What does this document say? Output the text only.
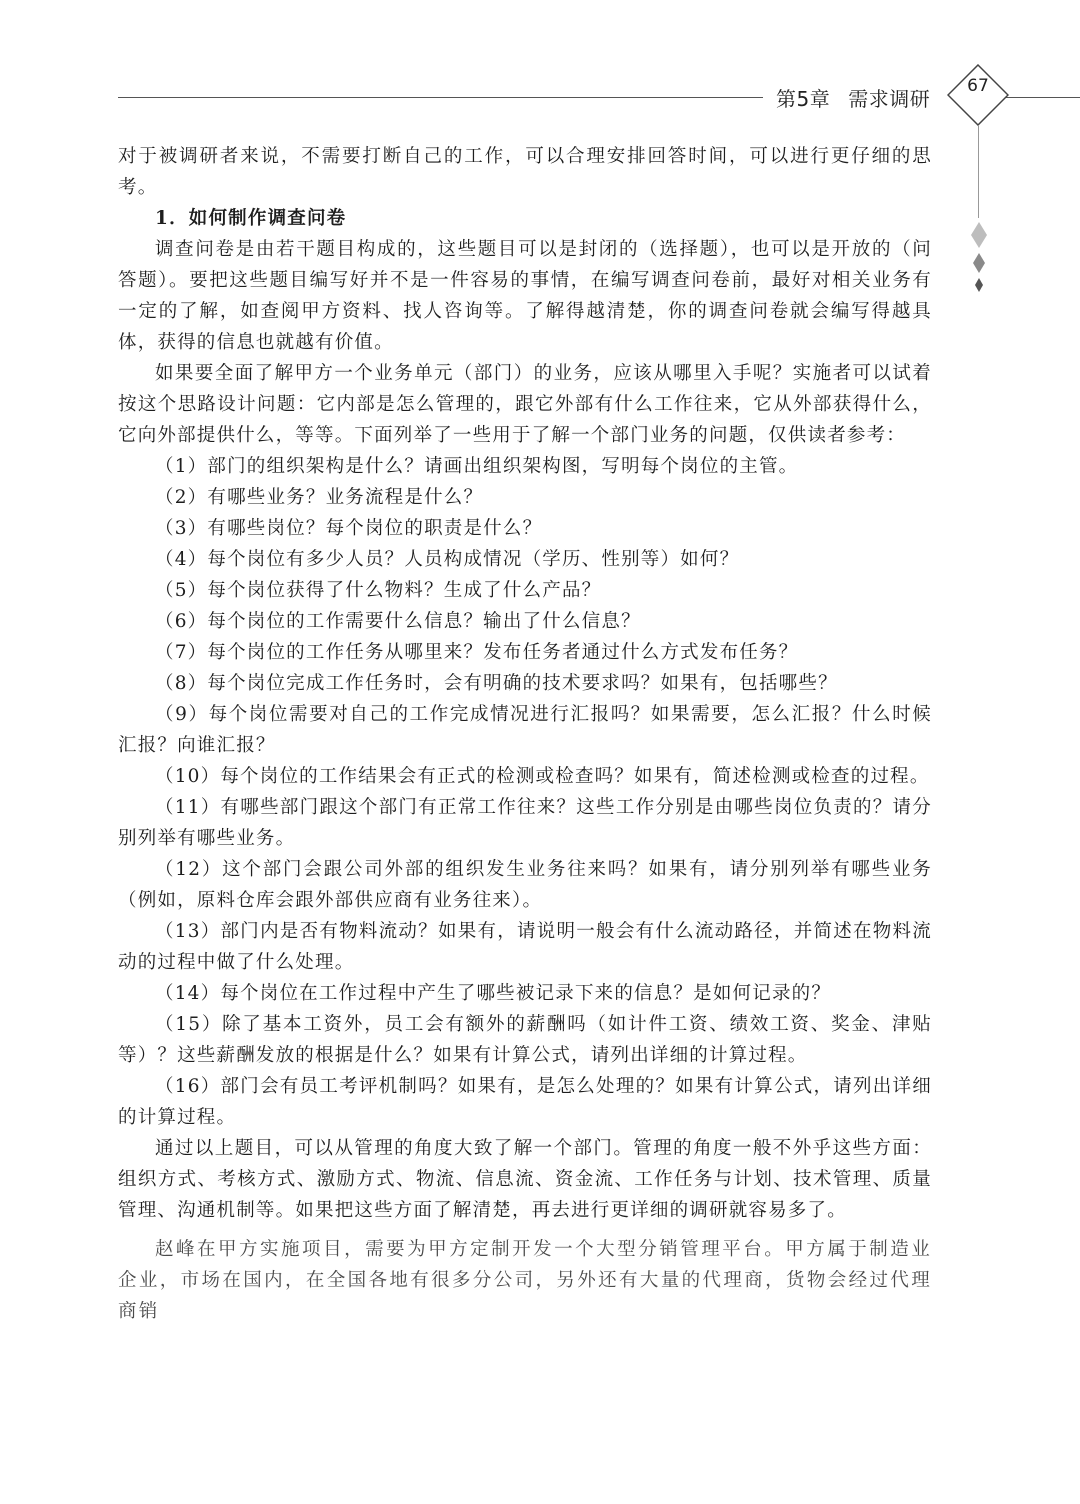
第5章 需求调研
67

对于被调研者来说，不需要打断自己的工作，可以合理安排回答时间，可以进行更仔细的思考。

1．如何制作调查问卷

调查问卷是由若干题目构成的，这些题目可以是封闭的（选择题），也可以是开放的（问答题）。要把这些题目编写好并不是一件容易的事情，在编写调查问卷前，最好对相关业务有一定的了解，如查阅甲方资料、找人咨询等。了解得越清楚，你的调查问卷就会编写得越具体，获得的信息也就越有价值。

如果要全面了解甲方一个业务单元（部门）的业务，应该从哪里入手呢？实施者可以试着按这个思路设计问题：它内部是怎么管理的，跟它外部有什么工作往来，它从外部获得什么，它向外部提供什么，等等。下面列举了一些用于了解一个部门业务的问题，仅供读者参考：

（1）部门的组织架构是什么？请画出组织架构图，写明每个岗位的主管。

（2）有哪些业务？业务流程是什么？

（3）有哪些岗位？每个岗位的职责是什么？

（4）每个岗位有多少人员？人员构成情况（学历、性别等）如何？

（5）每个岗位获得了什么物料？生成了什么产品？

（6）每个岗位的工作需要什么信息？输出了什么信息？

（7）每个岗位的工作任务从哪里来？发布任务者通过什么方式发布任务？

（8）每个岗位完成工作任务时，会有明确的技术要求吗？如果有，包括哪些？

（9）每个岗位需要对自己的工作完成情况进行汇报吗？如果需要，怎么汇报？什么时候汇报？向谁汇报？

（10）每个岗位的工作结果会有正式的检测或检查吗？如果有，简述检测或检查的过程。

（11）有哪些部门跟这个部门有正常工作往来？这些工作分别是由哪些岗位负责的？请分别列举有哪些业务。

（12）这个部门会跟公司外部的组织发生业务往来吗？如果有，请分别列举有哪些业务（例如，原料仓库会跟外部供应商有业务往来）。

（13）部门内是否有物料流动？如果有，请说明一般会有什么流动路径，并简述在物料流动的过程中做了什么处理。

（14）每个岗位在工作过程中产生了哪些被记录下来的信息？是如何记录的？

（15）除了基本工资外，员工会有额外的薪酬吗（如计件工资、绩效工资、奖金、津贴等）？这些薪酬发放的根据是什么？如果有计算公式，请列出详细的计算过程。

（16）部门会有员工考评机制吗？如果有，是怎么处理的？如果有计算公式，请列出详细的计算过程。

通过以上题目，可以从管理的角度大致了解一个部门。管理的角度一般不外乎这些方面：组织方式、考核方式、激励方式、物流、信息流、资金流、工作任务与计划、技术管理、质量管理、沟通机制等。如果把这些方面了解清楚，再去进行更详细的调研就容易多了。

赵峰在甲方实施项目，需要为甲方定制开发一个大型分销管理平台。甲方属于制造业企业，市场在国内，在全国各地有很多分公司，另外还有大量的代理商，货物会经过代理商销
